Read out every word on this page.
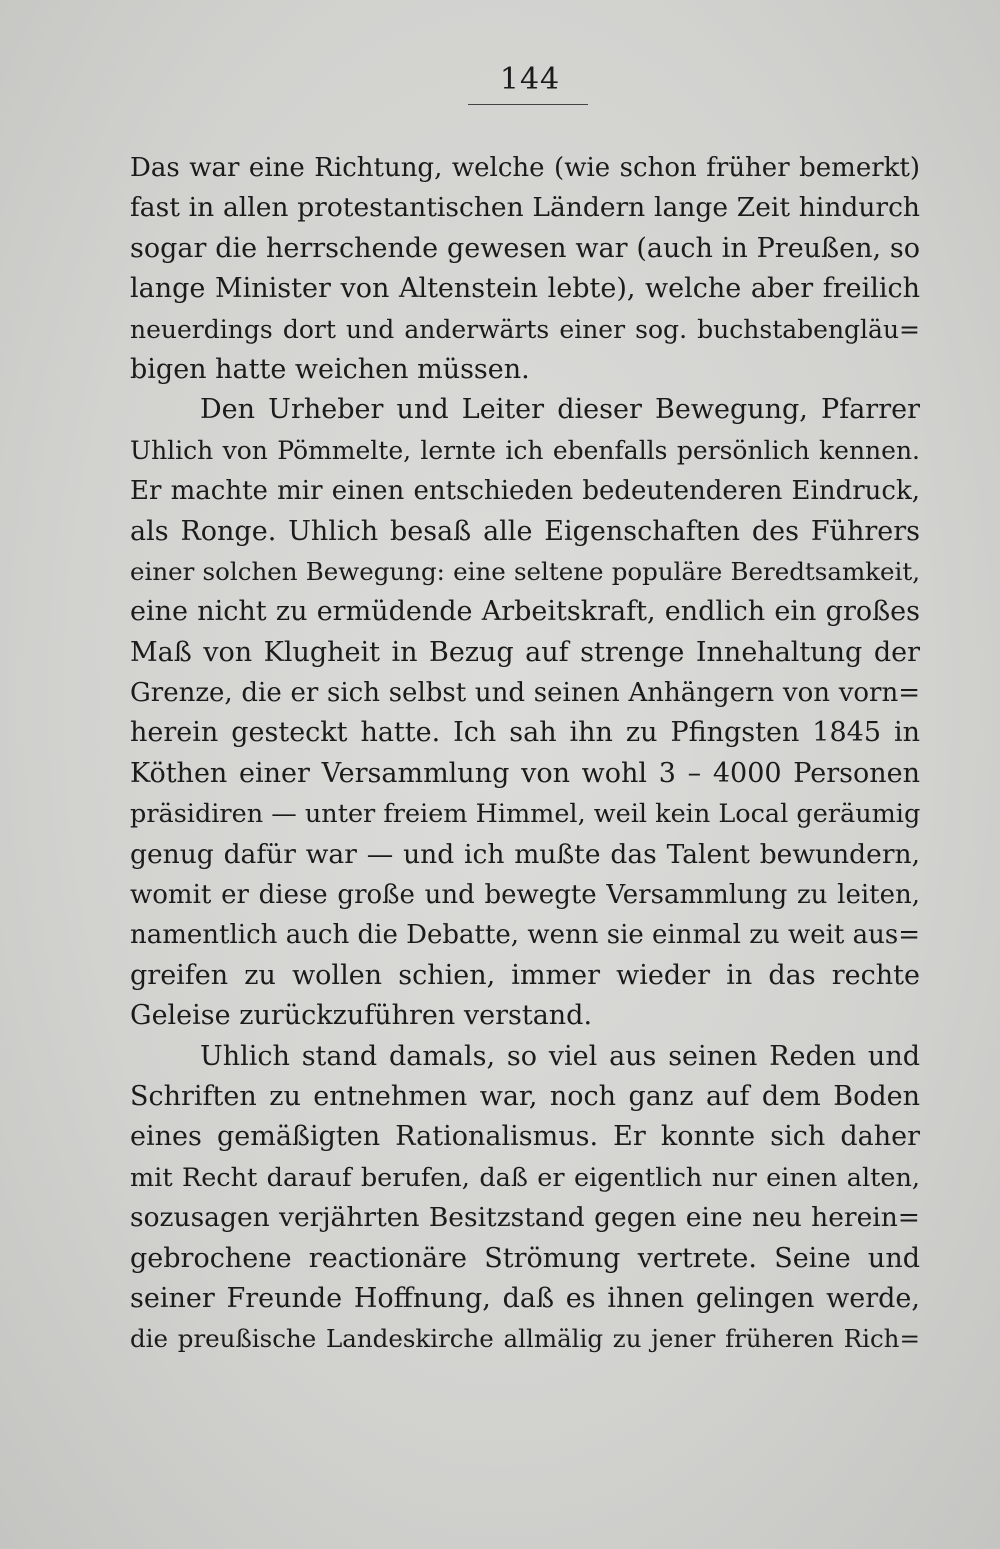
144
Das war eine Richtung, welche (wie schon früher bemerkt)
fast in allen protestantischen Ländern lange Zeit hindurch
sogar die herrschende gewesen war (auch in Preußen, so
lange Minister von Altenstein lebte), welche aber freilich
neuerdings dort und anderwärts einer sog. buchstabengläu=
bigen hatte weichen müssen.
Den Urheber und Leiter dieser Bewegung, Pfarrer
Uhlich von Pömmelte, lernte ich ebenfalls persönlich kennen.
Er machte mir einen entschieden bedeutenderen Eindruck,
als Ronge. Uhlich besaß alle Eigenschaften des Führers
einer solchen Bewegung: eine seltene populäre Beredtsamkeit,
eine nicht zu ermüdende Arbeitskraft, endlich ein großes
Maß von Klugheit in Bezug auf strenge Innehaltung der
Grenze, die er sich selbst und seinen Anhängern von vorn=
herein gesteckt hatte. Ich sah ihn zu Pfingsten 1845 in
Köthen einer Versammlung von wohl 3 – 4000 Personen
präsidiren — unter freiem Himmel, weil kein Local geräumig
genug dafür war — und ich mußte das Talent bewundern,
womit er diese große und bewegte Versammlung zu leiten,
namentlich auch die Debatte, wenn sie einmal zu weit aus=
greifen zu wollen schien, immer wieder in das rechte
Geleise zurückzuführen verstand.
Uhlich stand damals, so viel aus seinen Reden und
Schriften zu entnehmen war, noch ganz auf dem Boden
eines gemäßigten Rationalismus. Er konnte sich daher
mit Recht darauf berufen, daß er eigentlich nur einen alten,
sozusagen verjährten Besitzstand gegen eine neu herein=
gebrochene reactionäre Strömung vertrete. Seine und
seiner Freunde Hoffnung, daß es ihnen gelingen werde,
die preußische Landeskirche allmälig zu jener früheren Rich=
